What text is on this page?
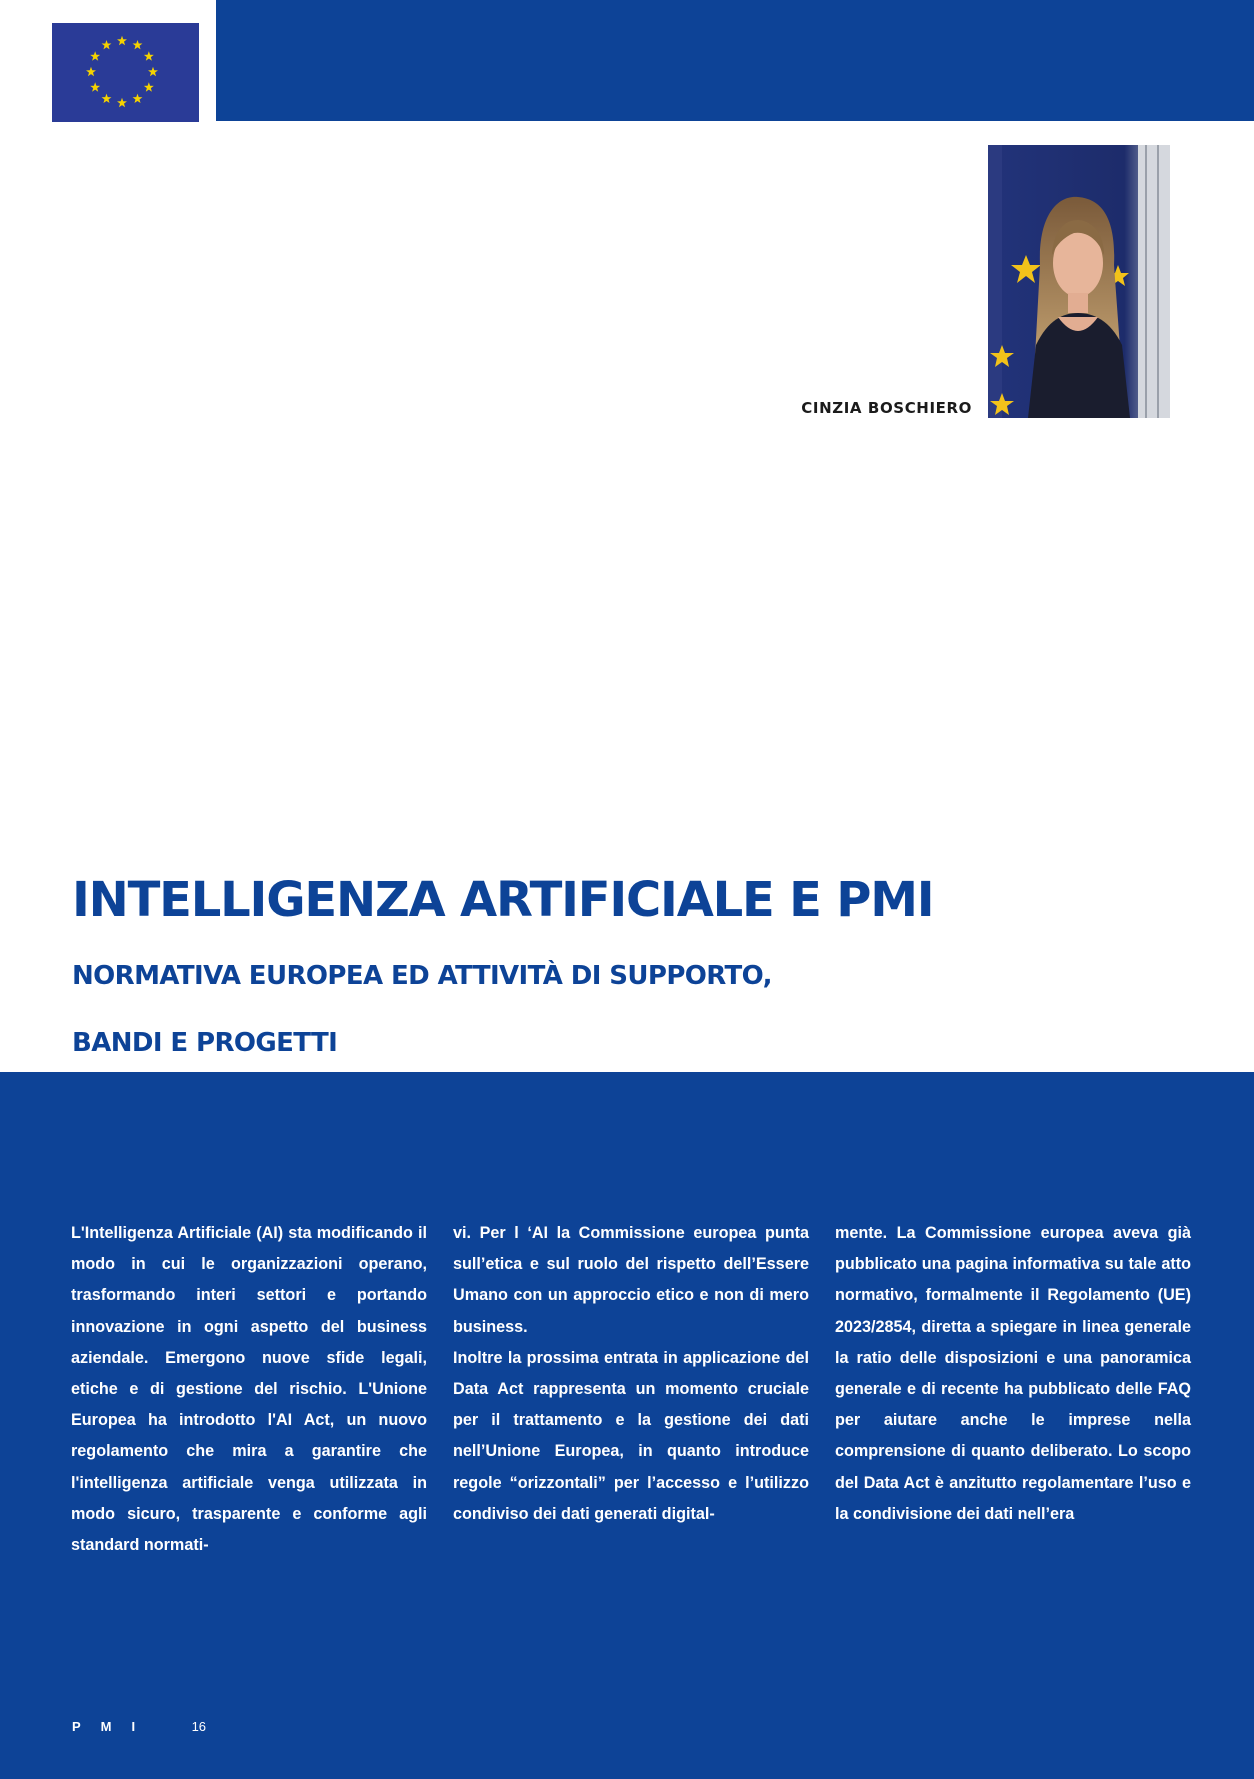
CINZIA BOSCHIERO
INTELLIGENZA ARTIFICIALE E PMI
NORMATIVA EUROPEA ED ATTIVITÀ DI SUPPORTO,
BANDI E PROGETTI

L'Intelligenza Artificiale (AI) sta modificando il modo in cui le organizzazioni operano, trasformando interi settori e portando innovazione in ogni aspetto del business aziendale. Emergono nuove sfide legali, etiche e di gestione del rischio. L'Unione Europea ha introdotto l'AI Act, un nuovo regolamento che mira a garantire che l'intelligenza artificiale venga utilizzata in modo sicuro, trasparente e conforme agli standard normati-

vi. Per l ‘AI la Commissione europea punta sull’etica e sul ruolo del rispetto dell’Essere Umano con un approccio etico e non di mero business.

Inoltre la prossima entrata in applicazione del Data Act rappresenta un momento cruciale per il trattamento e la gestione dei dati nell’Unione Europea, in quanto introduce regole “orizzontali” per l’accesso e l’utilizzo condiviso dei dati generati digital-

mente. La Commissione europea aveva già pubblicato una pagina informativa su tale atto normativo, formalmente il Regolamento (UE) 2023/2854, diretta a spiegare in linea generale la ratio delle disposizioni e una panoramica generale e di recente ha pubblicato delle FAQ per aiutare anche le imprese nella comprensione di quanto deliberato. Lo scopo del Data Act è anzitutto regolamentare l’uso e la condivisione dei dati nell’era

PMI	16
